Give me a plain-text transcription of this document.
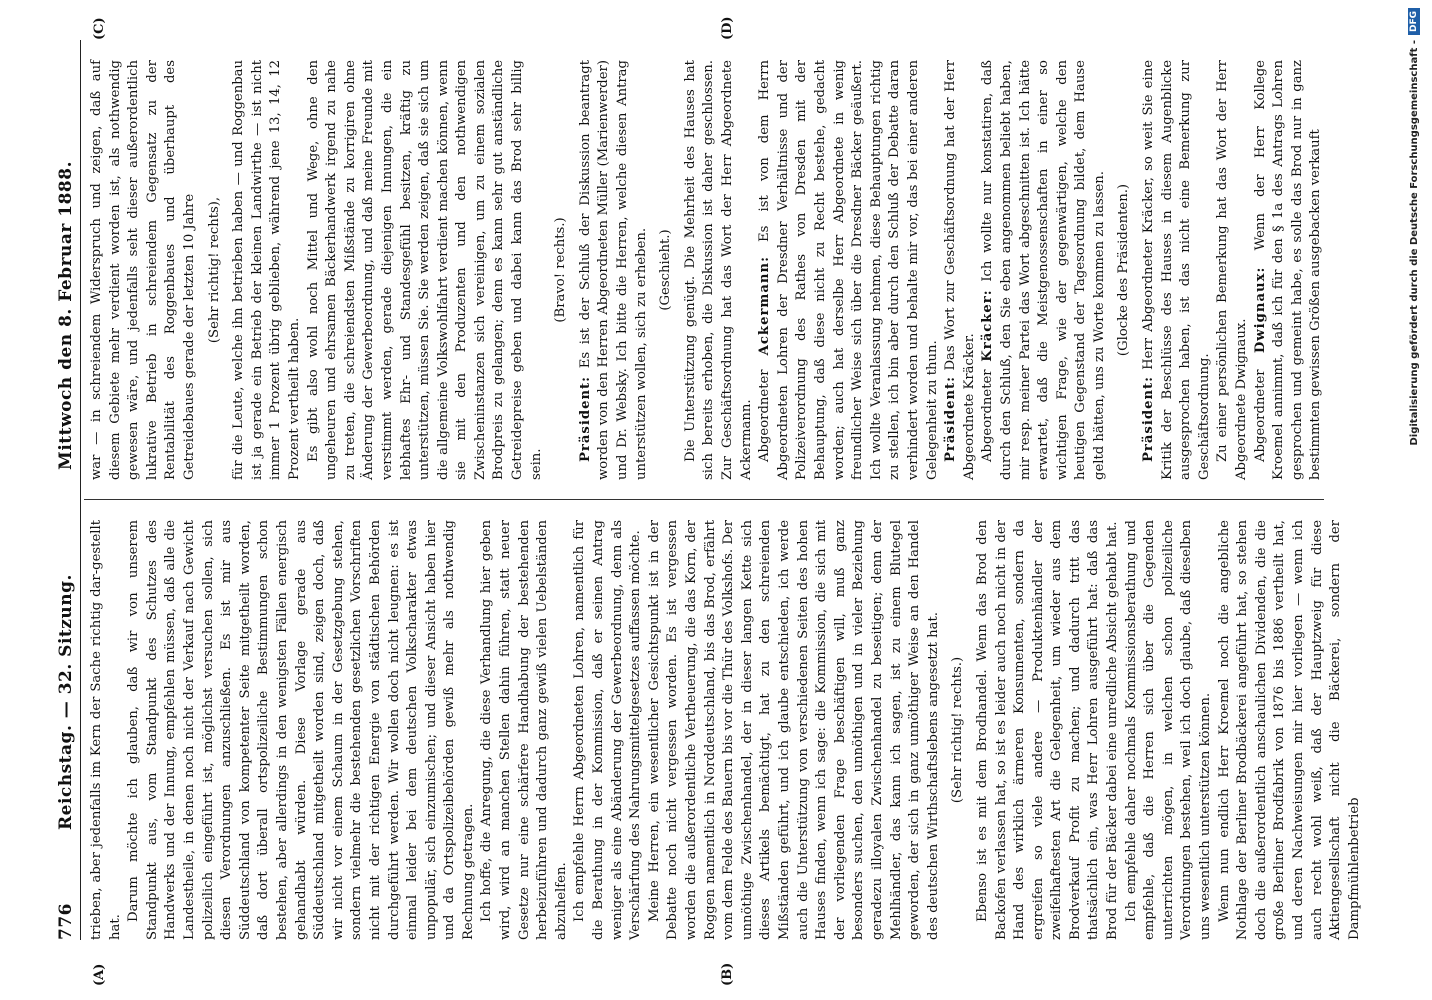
776
Reichstag. — 32. Sitzung.
Mittwoch den 8. Februar 1888.
(A)	(B)
(C)	(D)

trieben, aber jedenfalls im Kern der Sache richtig dar-gestellt hat.

Darum möchte ich glauben, daß wir von unserem Standpunkt aus, vom Standpunkt des Schutzes des Handwerks und der Innung, empfehlen müssen, daß alle die Landestheile, in denen noch nicht der Verkauf nach Gewicht polizeilich eingeführt ist, möglichst versuchen sollen, sich diesen Verordnungen anzuschließen. Es ist mir aus Süddeutschland von kompetenter Seite mitgetheilt worden, daß dort überall ortspolizeiliche Bestimmungen schon bestehen, aber allerdings in den wenigsten Fällen energisch gehandhabt würden. Diese Vorlage gerade aus Süddeutschland mitgetheilt worden sind, zeigen doch, daß wir nicht vor einem Schaum in der Gesetzgebung stehen, sondern vielmehr die bestehenden gesetzlichen Vorschriften nicht mit der richtigen Energie von städtischen Behörden durchgeführt werden. Wir wollen doch nicht leugnen: es ist einmal leider bei dem deutschen Volkscharakter etwas unpopulär, sich einzumischen; und dieser Ansicht haben hier und da Ortspolizeibehörden gewiß mehr als nothwendig Rechnung getragen. Ich hoffe, die Anregung, die diese Verhandlung hier geben wird, wird an manchen Stellen dahin führen, statt neuer Gesetze nur eine schärfere Handhabung der bestehenden herbeizuführen und dadurch ganz gewiß vielen Uebelständen abzuhelfen. Ich empfehle Herrn Abgeordneten Lohren, namentlich für die Berathung in der Kommission, daß er seinen Antrag weniger als eine Abänderung der Gewerbeordnung, denn als Verschärfung des Nahrungsmittelgesetzes auffassen möchte. Meine Herren, ein wesentlicher Gesichtspunkt ist in der Debatte noch nicht vergessen worden. Es ist vergessen worden die außerordentliche Vertheuerung, die das Korn, der Roggen namentlich in Norddeutschland, bis das Brod, erfährt vom dem Felde des Bauern bis vor die Thür des Volkshofs. Der unnöthige Zwischenhandel, der in dieser langen Kette sich dieses Artikels bemächtigt, hat zu den schreienden Mißständen geführt, und ich glaube entschieden, ich werde auch die Unterstützung von verschiedenen Seiten des hohen Hauses finden, wenn ich sage: die Kommission, die sich mit der vorliegenden Frage beschäftigen will, muß ganz besonders suchen, den unnöthigen und in vieler Beziehung geradezu illoyalen Zwischenhandel zu beseitigen; denn der Mehlhändler, das kann ich sagen, ist zu einem Blutegel geworden, der sich in ganz unnöthiger Weise an den Handel des deutschen Wirthschaftslebens angesetzt hat. (Sehr richtig! rechts.) Ebenso ist es mit dem Brodhandel. Wenn das Brod den Backofen verlassen hat, so ist es leider auch noch nicht in der Hand des wirklich ärmeren Konsumenten, sondern da ergreifen so viele andere — Produktenhändler der zweifelhaftesten Art die Gelegenheit, um wieder aus dem Brodverkauf Profit zu machen; und dadurch tritt das thatsächlich ein, was Herr Lohren ausgeführt hat: daß das Brod für der Bäcker dabei eine unredliche Absicht gehabt hat. Ich empfehle daher nochmals Kommissionsberathung und empfehle, daß die Herren sich über die Gegenden unterrichten mögen, in welchen schon polizeiliche Verordnungen bestehen, weil ich doch glaube, daß dieselben uns wesentlich unterstützen können. Wenn nun endlich Herr Kroemel noch die angebliche Nothlage der Berliner Brodbäckerei angeführt hat, so stehen doch die außerordentlich anschaulichen Dividenden, die die große Berliner Brodfabrik von 1876 bis 1886 vertheilt hat, und deren Nachweisungen mir hier vorliegen — wenn ich auch recht wohl weiß, daß der Hauptzweig für diese Aktiengesellschaft nicht die Bäckerei, sondern der Dampfmühlenbetrieb

war — in schreiendem Widerspruch und zeigen, daß auf diesem Gebiete mehr verdient worden ist, als nothwendig gewesen wäre, und jedenfalls seht dieser außerordentlich lukrative Betrieb in schreiendem Gegensatz zu der Rentabilität des Roggenbaues und überhaupt des Getreidebaues gerade der letzten 10 Jahre (Sehr richtig! rechts), für die Leute, welche ihn betrieben haben — und Roggenbau ist ja gerade ein Betrieb der kleinen Landwirthe — ist nicht immer 1 Prozent übrig geblieben, während jene 13, 14, 12 Prozent vertheilt haben. Es gibt also wohl noch Mittel und Wege, ohne den ungeheuren und ehrsamen Bäckerhandwerk irgend zu nahe zu treten, die schreiendsten Mißstände zu korrigiren ohne Änderung der Gewerbeordnung, und daß meine Freunde mit verstimmt werden, gerade diejenigen Innungen, die ein lebhaftes Ehr- und Standesgefühl besitzen, kräftig zu unterstützen, müssen Sie. Sie werden zeigen, daß sie sich um die allgemeine Volkswohlfahrt verdient machen können, wenn sie mit den Produzenten und den nothwendigen Zwischeninstanzen sich vereinigen, um zu einem sozialen Brodpreis zu gelangen; denn es kann sehr gut anständliche Getreidepreise geben und dabei kann das Brod sehr billig sein.

(Bravo! rechts.)

Präsident: Es ist der Schluß der Diskussion beantragt worden von den Herren Abgeordneten Müller (Marienwerder) und Dr. Websky. Ich bitte die Herren, welche diesen Antrag unterstützen wollen, sich zu erheben. (Geschieht.) Die Unterstützung genügt. Die Mehrheit des Hauses hat sich bereits erhoben, die Diskussion ist daher geschlossen. Zur Geschäftsordnung hat das Wort der Herr Abgeordnete Ackermann. Abgeordneter Ackermann: Es ist von dem Herrn Abgeordneten Lohren der Dresdner Verhältnisse und der Polizeiverordnung des Rathes von Dresden mit der Behauptung, daß diese nicht zu Recht bestehe, gedacht worden; auch hat derselbe Herr Abgeordnete in wenig freundlicher Weise sich über die Dresdner Bäcker geäußert. Ich wollte Veranlassung nehmen, diese Behauptungen richtig zu stellen, ich bin aber durch den Schluß der Debatte daran verhindert worden und behalte mir vor, das bei einer anderen Gelegenheit zu thun. Präsident: Das Wort zur Geschäftsordnung hat der Herr Abgeordnete Kräcker. Abgeordneter Kräcker: Ich wollte nur konstatiren, daß durch den Schluß, den Sie eben angenommen beliebt haben, mir resp. meiner Partei das Wort abgeschnitten ist. Ich hätte erwartet, daß die Meistgenossenschaften in einer so wichtigen Frage, wie der gegenwärtigen, welche den heutigen Gegenstand der Tagesordnung bildet, dem Hause geltd hätten, uns zu Worte kommen zu lassen. (Glocke des Präsidenten.)

Präsident: Herr Abgeordneter Kräcker, so weit Sie eine Kritik der Beschlüsse des Hauses in diesem Augenblicke ausgesprochen haben, ist das nicht eine Bemerkung zur Geschäftsordnung. Zu einer persönlichen Bemerkung hat das Wort der Herr Abgeordnete Dwignaux. Abgeordneter Dwignaux: Wenn der Herr Kollege Kroemel annimmt, daß ich für den § 1a des Antrags Lohren gesprochen und gemeint habe, es solle das Brod nur in ganz bestimmten gewissen Größen ausgebacken verkauft	Digitalisierung gefördert durch die Deutsche Forschungsgemeinschaft -
DFG
